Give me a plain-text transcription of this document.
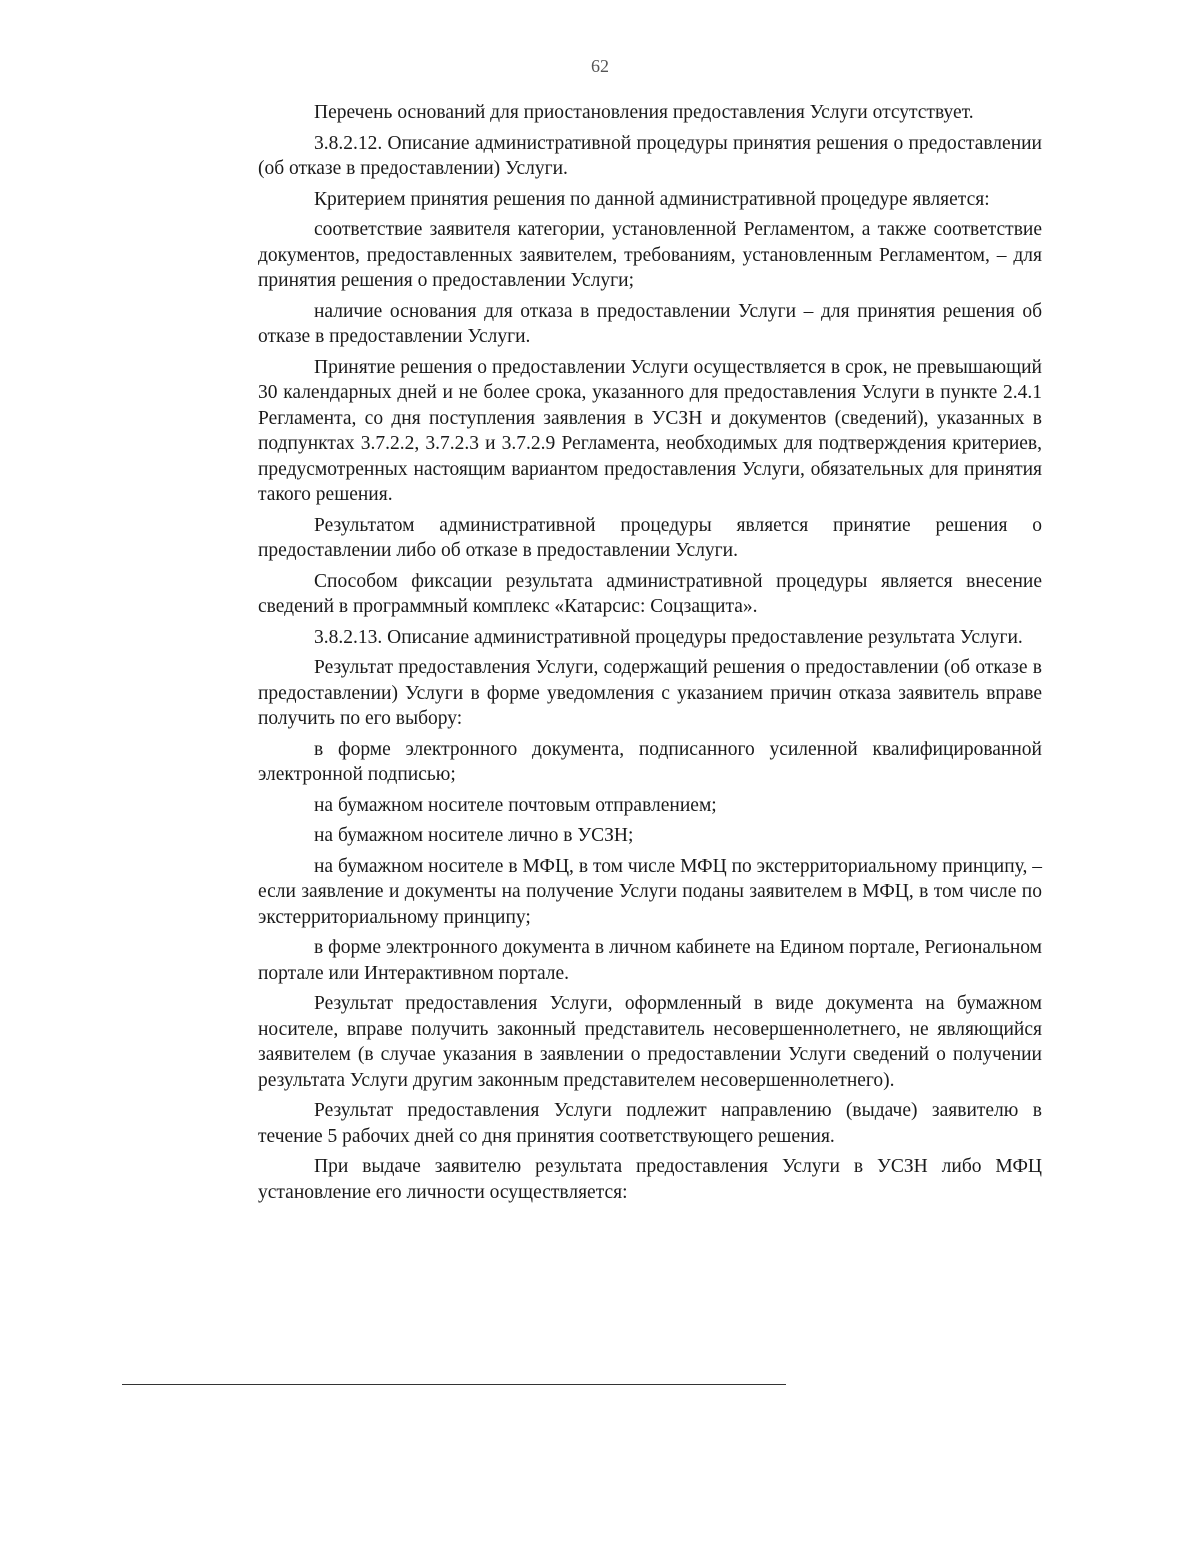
62

Перечень оснований для приостановления предоставления Услуги отсутствует.

3.8.2.12. Описание административной процедуры принятия решения о предоставлении (об отказе в предоставлении) Услуги.

Критерием принятия решения по данной административной процедуре является:

соответствие заявителя категории, установленной Регламентом, а также соответствие документов, предоставленных заявителем, требованиям, установленным Регламентом, – для принятия решения о предоставлении Услуги;

наличие основания для отказа в предоставлении Услуги – для принятия решения об отказе в предоставлении Услуги.

Принятие решения о предоставлении Услуги осуществляется в срок, не превышающий 30 календарных дней и не более срока, указанного для предоставления Услуги в пункте 2.4.1 Регламента, со дня поступления заявления в УСЗН и документов (сведений), указанных в подпунктах 3.7.2.2, 3.7.2.3 и 3.7.2.9 Регламента, необходимых для подтверждения критериев, предусмотренных настоящим вариантом предоставления Услуги, обязательных для принятия такого решения.

Результатом административной процедуры является принятие решения о предоставлении либо об отказе в предоставлении Услуги.

Способом фиксации результата административной процедуры является внесение сведений в программный комплекс «Катарсис: Соцзащита».

3.8.2.13. Описание административной процедуры предоставление результата Услуги.

Результат предоставления Услуги, содержащий решения о предоставлении (об отказе в предоставлении) Услуги в форме уведомления с указанием причин отказа заявитель вправе получить по его выбору:

в форме электронного документа, подписанного усиленной квалифицированной электронной подписью;

на бумажном носителе почтовым отправлением;

на бумажном носителе лично в УСЗН;

на бумажном носителе в МФЦ, в том числе МФЦ по экстерриториальному принципу, – если заявление и документы на получение Услуги поданы заявителем в МФЦ, в том числе по экстерриториальному принципу;

в форме электронного документа в личном кабинете на Едином портале, Региональном портале или Интерактивном портале.

Результат предоставления Услуги, оформленный в виде документа на бумажном носителе, вправе получить законный представитель несовершеннолетнего, не являющийся заявителем (в случае указания в заявлении о предоставлении Услуги сведений о получении результата Услуги другим законным представителем несовершеннолетнего).

Результат предоставления Услуги подлежит направлению (выдаче) заявителю в течение 5 рабочих дней со дня принятия соответствующего решения.

При выдаче заявителю результата предоставления Услуги в УСЗН либо МФЦ установление его личности осуществляется:
